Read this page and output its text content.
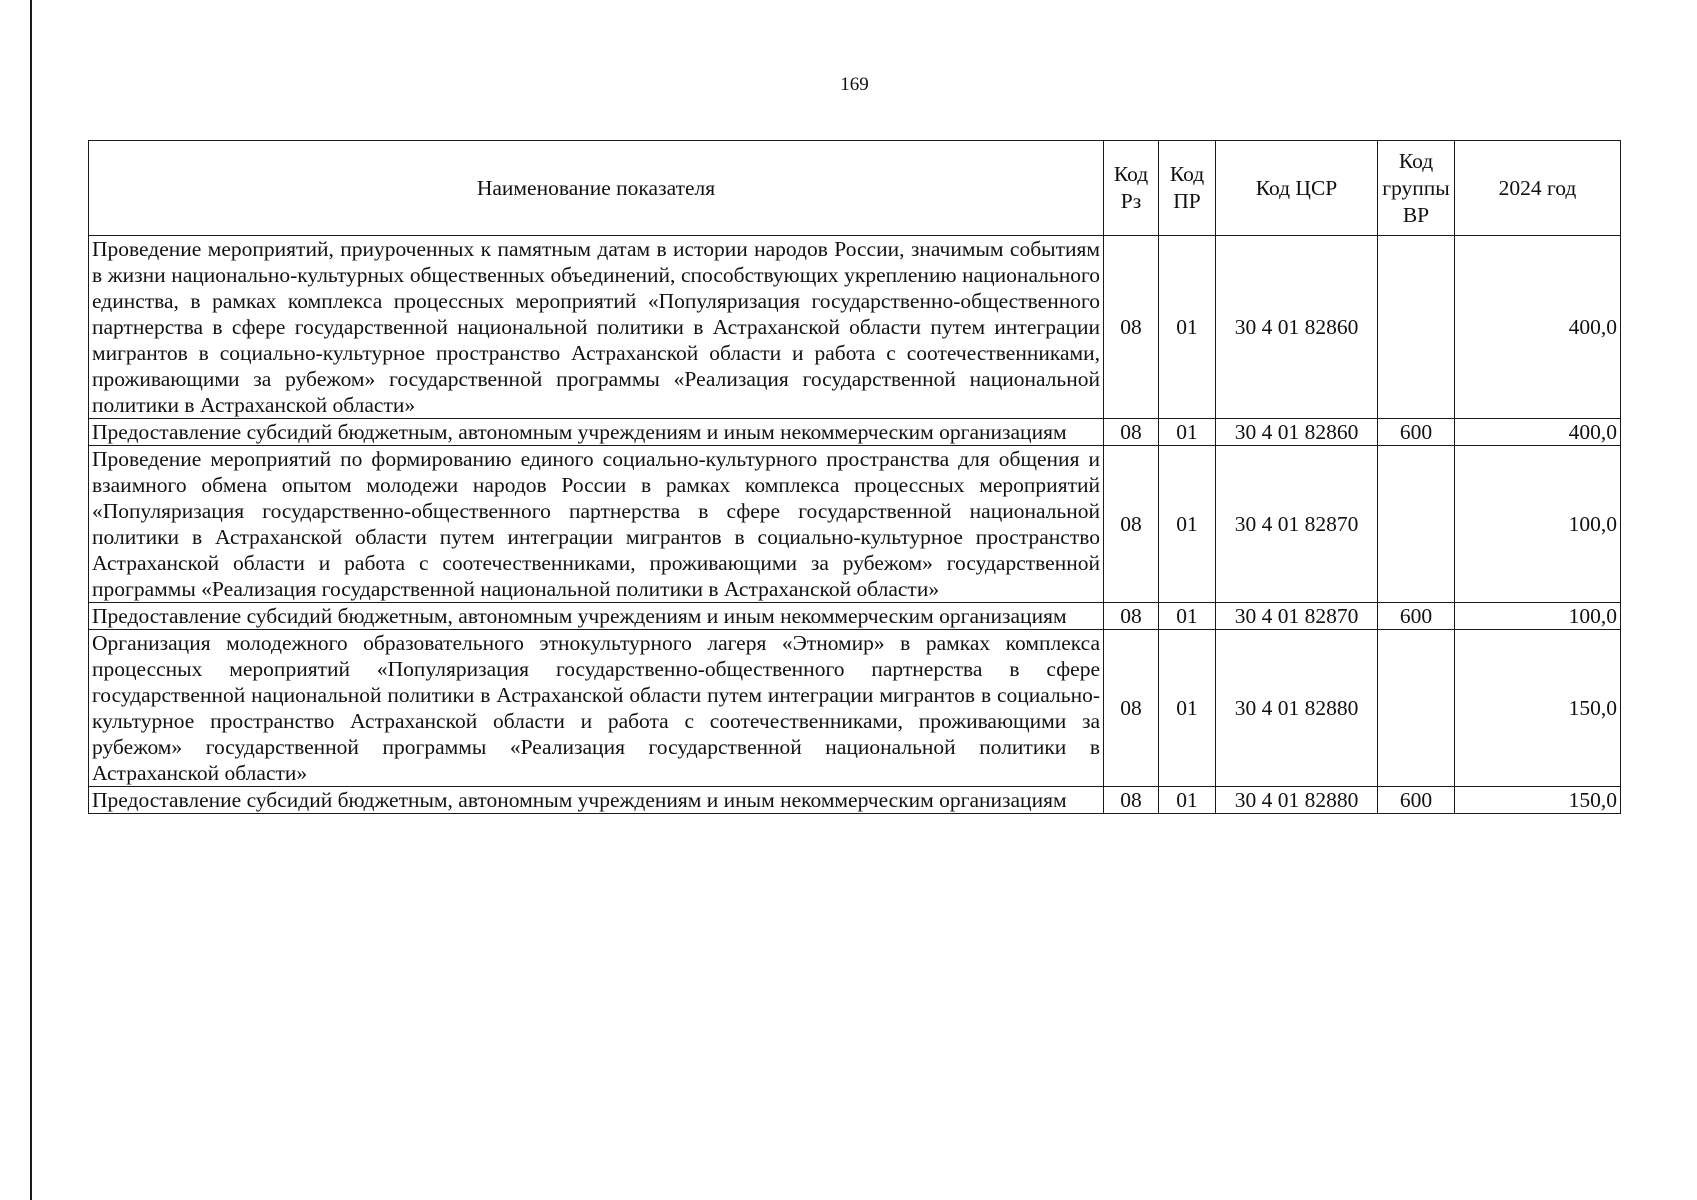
169
Наименование показателя	Код Рз	Код ПР	Код ЦСР	Код группы ВР	2024 год
Проведение мероприятий, приуроченных к памятным датам в истории народов России, значимым событиям в жизни национально-культурных общественных объединений, способствующих укреплению национального единства, в рамках комплекса процессных мероприятий «Популяризация государственно-общественного партнерства в сфере государственной национальной политики в Астраханской области путем интеграции мигрантов в социально-культурное пространство Астраханской области и работа с соотечественниками, проживающими за рубежом» государственной программы «Реализация государственной национальной политики в Астраханской области»	08	01	30 4 01 82860		400,0
Предоставление субсидий бюджетным, автономным учреждениям и иным некоммерческим организациям	08	01	30 4 01 82860	600	400,0
Проведение мероприятий по формированию единого социально-культурного пространства для общения и взаимного обмена опытом молодежи народов России в рамках комплекса процессных мероприятий «Популяризация государственно-общественного партнерства в сфере государственной национальной политики в Астраханской области путем интеграции мигрантов в социально-культурное пространство Астраханской области и работа с соотечественниками, проживающими за рубежом» государственной программы «Реализация государственной национальной политики в Астраханской области»	08	01	30 4 01 82870		100,0
Предоставление субсидий бюджетным, автономным учреждениям и иным некоммерческим организациям	08	01	30 4 01 82870	600	100,0
Организация молодежного образовательного этнокультурного лагеря «Этномир» в рамках комплекса процессных мероприятий «Популяризация государственно-общественного партнерства в сфере государственной национальной политики в Астраханской области путем интеграции мигрантов в социально-культурное пространство Астраханской области и работа с соотечественниками, проживающими за рубежом» государственной программы «Реализация государственной национальной политики в Астраханской области»	08	01	30 4 01 82880		150,0
Предоставление субсидий бюджетным, автономным учреждениям и иным некоммерческим организациям	08	01	30 4 01 82880	600	150,0
